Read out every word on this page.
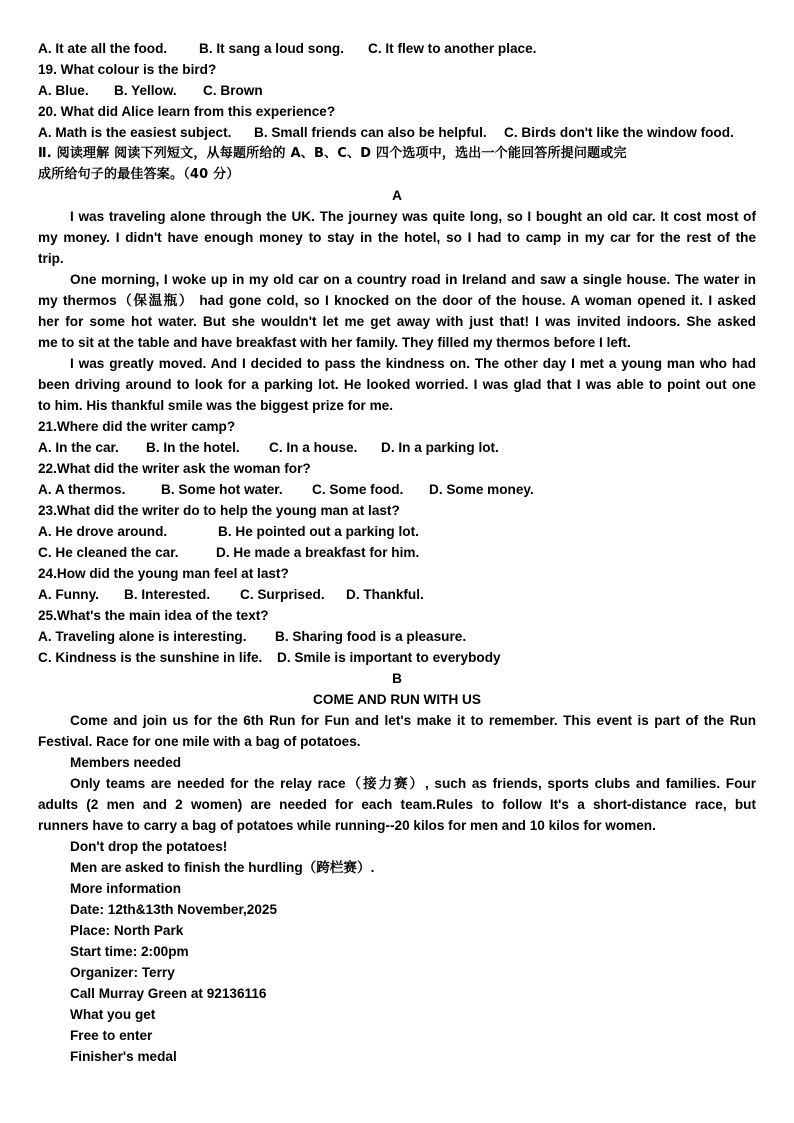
A. It ate all the food. B. It sang a loud song. C. It flew to another place.
19. What colour is the bird?
A. Blue. B. Yellow. C. Brown
20. What did Alice learn from this experience?
A. Math is the easiest subject. B. Small friends can also be helpful. C. Birds don't like the window food.
Ⅱ. 阅读理解 阅读下列短文，从每题所给的 A、B、C、D 四个选项中，选出一个能回答所提问题或完
成所给句子的最佳答案。（40 分）
A
I was traveling alone through the UK. The journey was quite long, so I bought an old car. It cost most of
my money. I didn't have enough money to stay in the hotel, so I had to camp in my car for the rest of the
trip.
One morning, I woke up in my old car on a country road in Ireland and saw a single house. The water in
my thermos（保温瓶） had gone cold, so I knocked on the door of the house. A woman opened it. I asked
her for some hot water. But she wouldn't let me get away with just that! I was invited indoors. She asked
me to sit at the table and have breakfast with her family. They filled my thermos before I left.
I was greatly moved. And I decided to pass the kindness on. The other day I met a young man who had
been driving around to look for a parking lot. He looked worried. I was glad that I was able to point out one
to him. His thankful smile was the biggest prize for me.
21.Where did the writer camp?
A. In the car. B. In the hotel. C. In a house. D. In a parking lot.
22.What did the writer ask the woman for?
A. A thermos.	B. Some hot water. C. Some food. D. Some money.
23.What did the writer do to help the young man at last?
A. He drove around.	B. He pointed out a parking lot.
C. He cleaned the car.	D. He made a breakfast for him.
24.How did the young man feel at last?
A. Funny. B. Interested. C. Surprised. D. Thankful.
25.What's the main idea of the text?
A. Traveling alone is interesting. B. Sharing food is a pleasure.
C. Kindness is the sunshine in life. D. Smile is important to everybody
B
COME AND RUN WITH US
Come and join us for the 6th Run for Fun and let's make it to remember. This event is part of the Run
Festival. Race for one mile with a bag of potatoes.
Members needed
Only teams are needed for the relay race（接力赛）, such as friends, sports clubs and families. Four
adults (2 men and 2 women) are needed for each team.Rules to follow It's a short-distance race, but
runners have to carry a bag of potatoes while running--20 kilos for men and 10 kilos for women.
Don't drop the potatoes!
Men are asked to finish the hurdling（跨栏赛）.
More information
Date: 12th&13th November,2025
Place: North Park
Start time: 2:00pm
Organizer: Terry
Call Murray Green at 92136116
What you get
Free to enter
Finisher's medal
